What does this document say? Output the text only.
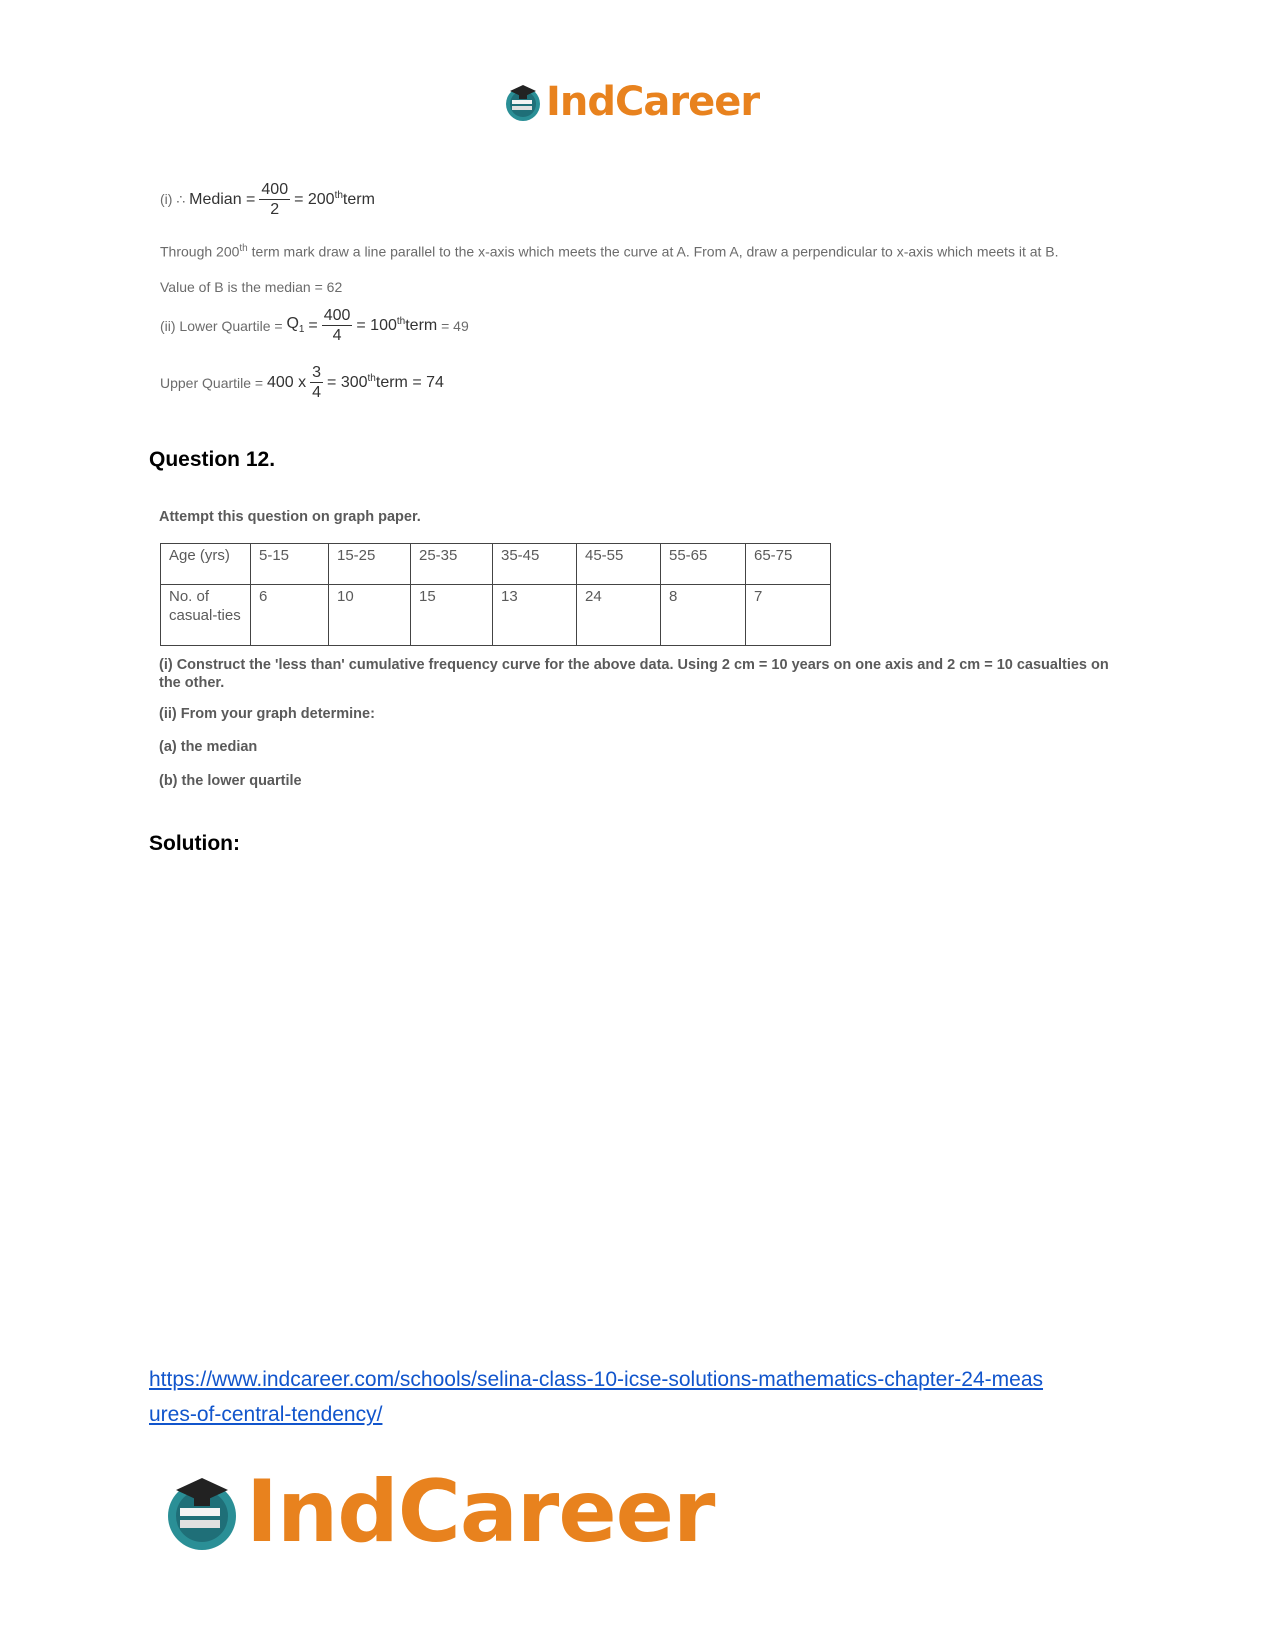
IndCareer
(i) ∴
Median = $\frac{400}{2} = 200th$ term
Through 200th term mark draw a line parallel to the x-axis which meets the curve at A. From A, draw a perpendicular to x-axis which meets it at B.
Value of B is the median = 62
(ii) Lower Quartile =
$Q_1$
= $\frac{400}{4} = 100th$ term
= 49
Upper Quartile =
400 x $\frac{3}{4} = 300th$ term = 74
Question 12.
Attempt this question on graph paper.
Age (yrs)	5-15	15-25	25-35	35-45	45-55	55-65	65-75
No. of casual-ties	6	10	15	13	24	8	7
(i) Construct the 'less than' cumulative frequency curve for the above data. Using 2 cm = 10 years on one axis and 2 cm = 10 casualties on the other.
(ii) From your graph determine:
(a) the median
(b) the lower quartile
Solution:
https://www.indcareer.com/schools/selina-class-10-icse-solutions-mathematics-chapter-24-meas
ures-of-central-tendency/
IndCareer
